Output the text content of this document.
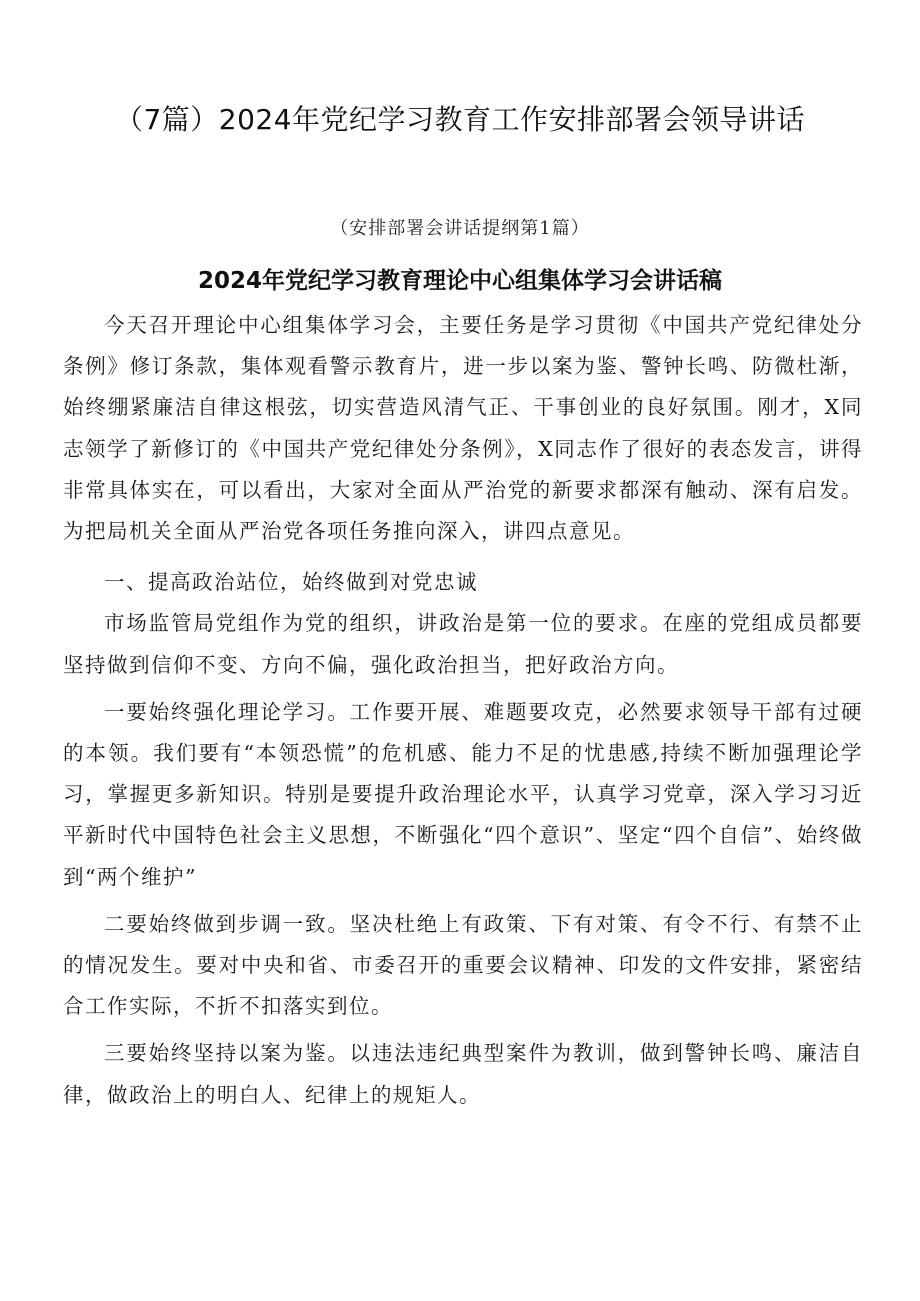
（7篇）2024年党纪学习教育工作安排部署会领导讲话
（安排部署会讲话提纲第1篇）
2024年党纪学习教育理论中心组集体学习会讲话稿

今天召开理论中心组集体学习会，主要任务是学习贯彻《中国共产党纪律处分条例》修订条款，集体观看警示教育片，进一步以案为鉴、警钟长鸣、防微杜渐，始终绷紧廉洁自律这根弦，切实营造风清气正、干事创业的良好氛围。刚才，X同志领学了新修订的《中国共产党纪律处分条例》，X同志作了很好的表态发言，讲得非常具体实在，可以看出，大家对全面从严治党的新要求都深有触动、深有启发。为把局机关全面从严治党各项任务推向深入，讲四点意见。

一、提高政治站位，始终做到对党忠诚

市场监管局党组作为党的组织，讲政治是第一位的要求。在座的党组成员都要坚持做到信仰不变、方向不偏，强化政治担当，把好政治方向。

一要始终强化理论学习。工作要开展、难题要攻克，必然要求领导干部有过硬的本领。我们要有“本领恐慌”的危机感、能力不足的忧患感,持续不断加强理论学习，掌握更多新知识。特别是要提升政治理论水平，认真学习党章，深入学习习近平新时代中国特色社会主义思想，不断强化“四个意识”、坚定“四个自信”、始终做到“两个维护”

二要始终做到步调一致。坚决杜绝上有政策、下有对策、有令不行、有禁不止的情况发生。要对中央和省、市委召开的重要会议精神、印发的文件安排，紧密结合工作实际，不折不扣落实到位。

三要始终坚持以案为鉴。以违法违纪典型案件为教训，做到警钟长鸣、廉洁自律，做政治上的明白人、纪律上的规矩人。
